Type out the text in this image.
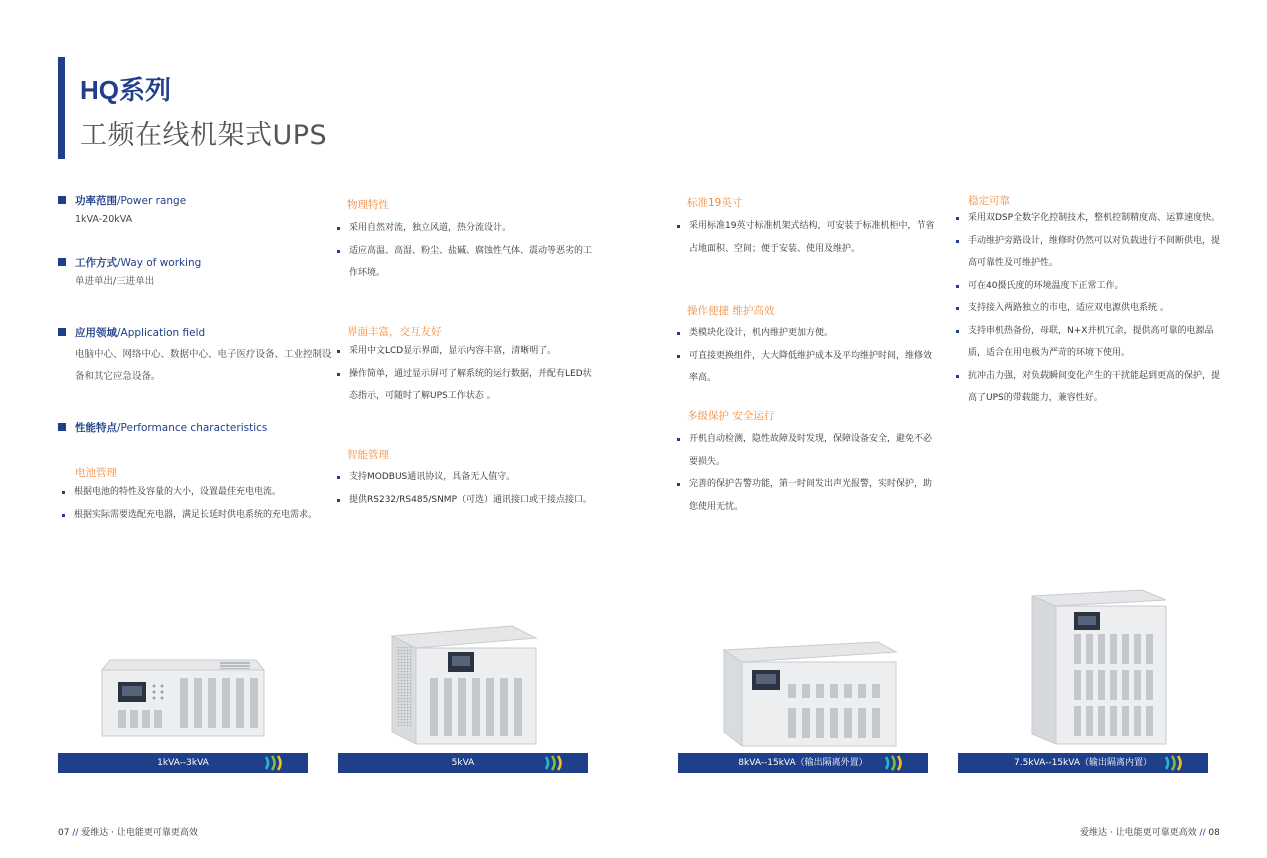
HQ系列
工频在线机架式UPS
功率范围/Power range
1kVA-20kVA
工作方式/Way of working
单进单出/三进单出
应用领域/Application field
电脑中心、网络中心、数据中心、电子医疗设备、工业控制设
备和其它应急设备。
性能特点/Performance characteristics
电池管理
根据电池的特性及容量的大小，设置最佳充电电流。
根据实际需要选配充电器，满足长延时供电系统的充电需求。
物理特性
采用自然对流，独立风道，热分流设计。
适应高温、高湿、粉尘、盐碱、腐蚀性气体、震动等恶劣的工
作环境。
界面丰富，交互友好
采用中文LCD显示界面，显示内容丰富，清晰明了。
操作简单，通过显示屏可了解系统的运行数据，并配有LED状
态指示，可随时了解UPS工作状态 。
智能管理
支持MODBUS通讯协议，具备无人值守。
提供RS232/RS485/SNMP（可选）通讯接口或干接点接口。
标准19英寸
采用标准19英寸标准机架式结构，可安装于标准机柜中，节省
占地面积、空间；便于安装、使用及维护。
操作便捷 维护高效
类模块化设计，机内维护更加方便。
可直接更换组件，大大降低维护成本及平均维护时间，维修效
率高。
多级保护 安全运行
开机自动检测，隐性故障及时发现，保障设备安全，避免不必
要损失。
完善的保护告警功能，第一时间发出声光报警，实时保护，助
您使用无忧。
稳定可靠
采用双DSP全数字化控制技术，整机控制精度高、运算速度快。
手动维护旁路设计，维修时仍然可以对负载进行不间断供电，提
高可靠性及可维护性。
可在40摄氏度的环境温度下正常工作。
支持接入两路独立的市电，适应双电源供电系统 。
支持串机热备份，母联，N+X并机冗余，提供高可靠的电源品
质，适合在用电极为严苛的环境下使用。
抗冲击力强，对负载瞬间变化产生的干扰能起到更高的保护，提
高了UPS的带载能力，兼容性好。
1kVA--3kVA	5kVA	8kVA--15kVA（输出隔离外置）	7.5kVA--15kVA（输出隔离内置）
07 // 爱维达 · 让电能更可靠更高效	爱维达 · 让电能更可靠更高效 // 08
